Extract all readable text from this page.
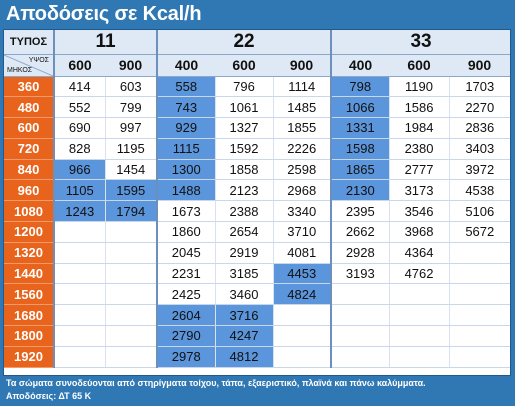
Αποδόσεις σε Kcal/h
ΤΥΠΟΣ	11		22			33		

ΥΨΟΣ
ΜΗΚΟΣ	600	900	400	600	900	400	600	900
360	414	603	558	796	1114	798	1190	1703
480	552	799	743	1061	1485	1066	1586	2270
600	690	997	929	1327	1855	1331	1984	2836
720	828	1195	1115	1592	2226	1598	2380	3403
840	966	1454	1300	1858	2598	1865	2777	3972
960	1105	1595	1488	2123	2968	2130	3173	4538
1080	1243	1794	1673	2388	3340	2395	3546	5106
1200			1860	2654	3710	2662	3968	5672
1320			2045	2919	4081	2928	4364	
1440			2231	3185	4453	3193	4762	
1560			2425	3460	4824			
1680			2604	3716				
1800			2790	4247				
1920			2978	4812				
Τα σώματα συνοδεύονται από στηρίγματα τοίχου, τάπα, εξαεριστικό, πλαϊνά και πάνω καλύμματα.
Αποδόσεις: ΔΤ 65 Κ
